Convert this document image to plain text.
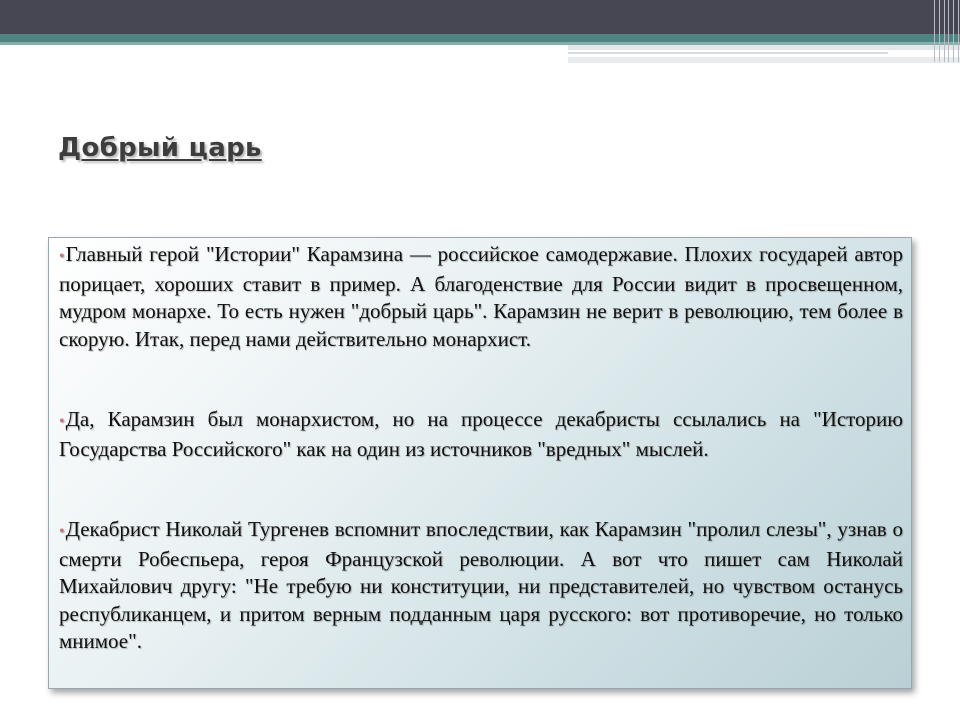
Добрый царь

•Главный герой "Истории" Карамзина — российское самодержавие. Плохих государей автор порицает, хороших ставит в пример. А благоденствие для России видит в просвещенном, мудром монархе. То есть нужен "добрый царь". Карамзин не верит в революцию, тем более в скорую. Итак, перед нами действительно монархист.

•Да, Карамзин был монархистом, но на процессе декабристы ссылались на "Историю Государства Российского" как на один из источников "вредных" мыслей.

•Декабрист Николай Тургенев вспомнит впоследствии, как Карамзин "пролил слезы", узнав о смерти Робеспьера, героя Французской революции. А вот что пишет сам Николай Михайлович другу: "Не требую ни конституции, ни представителей, но чувством останусь республиканцем, и притом верным подданным царя русского: вот противоречие, но только мнимое".
